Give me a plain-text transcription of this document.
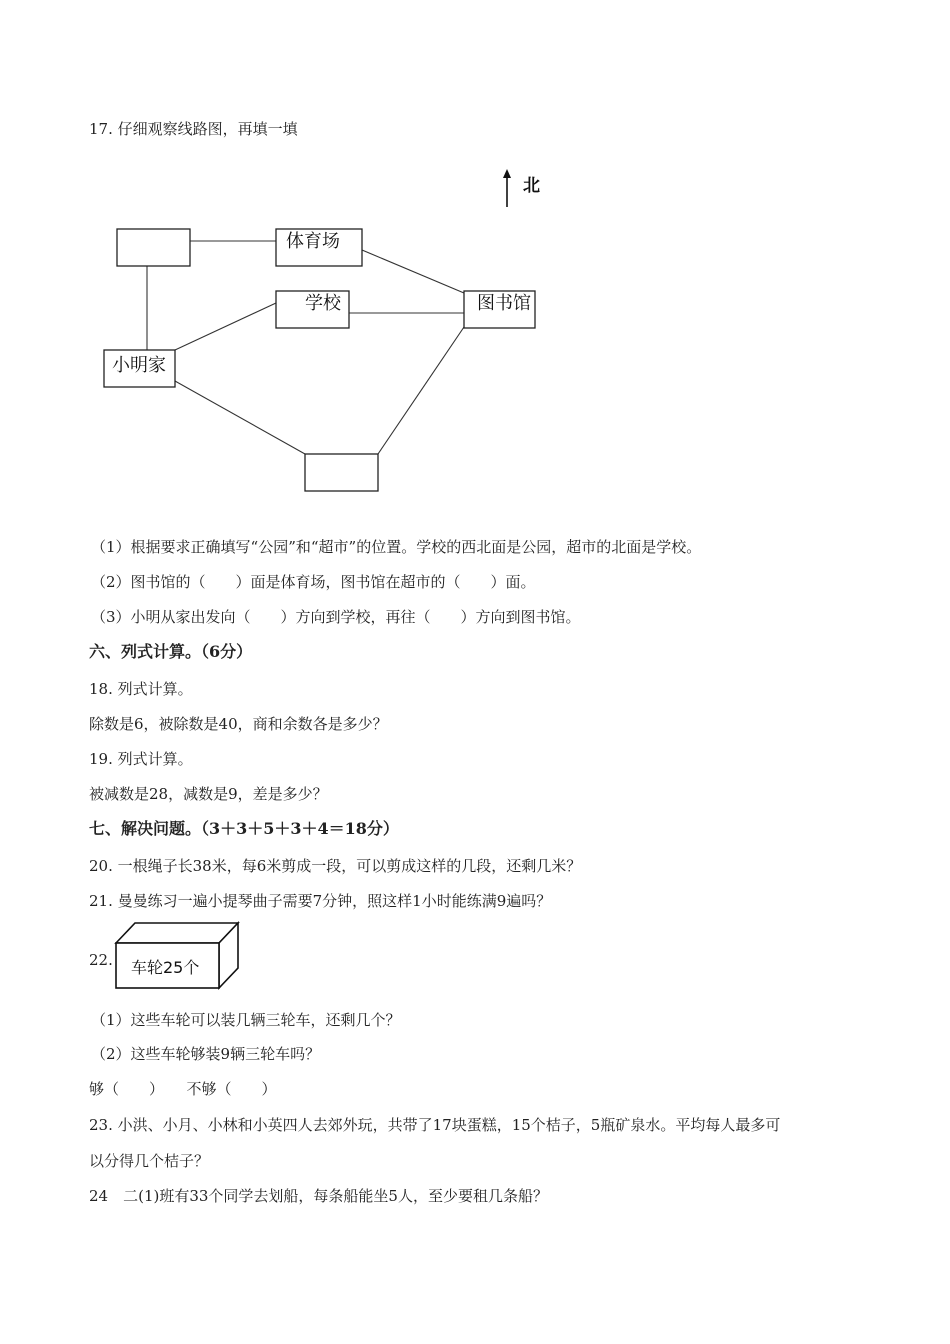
17. 仔细观察线路图，再填一填
北
体育场
学校	图书馆
小明家
车轮25个
（1）根据要求正确填写“公园”和“超市”的位置。学校的西北面是公园，超市的北面是学校。
（2）图书馆的（　　）面是体育场，图书馆在超市的（　　）面。
（3）小明从家出发向（　　）方向到学校，再往（　　）方向到图书馆。
六、列式计算。（6分）
18. 列式计算。
除数是6，被除数是40，商和余数各是多少？
19. 列式计算。
被减数是28，减数是9，差是多少？
七、解决问题。（3＋3＋5＋3＋4＝18分）
20. 一根绳子长38米，每6米剪成一段，可以剪成这样的几段，还剩几米？
21. 曼曼练习一遍小提琴曲子需要7分钟，照这样1小时能练满9遍吗？
22.
（1）这些车轮可以装几辆三轮车，还剩几个？
（2）这些车轮够装9辆三轮车吗？
够（　　）　　不够（　　）
23. 小洪、小月、小林和小英四人去郊外玩，共带了17块蛋糕，15个桔子，5瓶矿泉水。平均每人最多可
以分得几个桔子？
24　二(1)班有33个同学去划船，每条船能坐5人，至少要租几条船？
